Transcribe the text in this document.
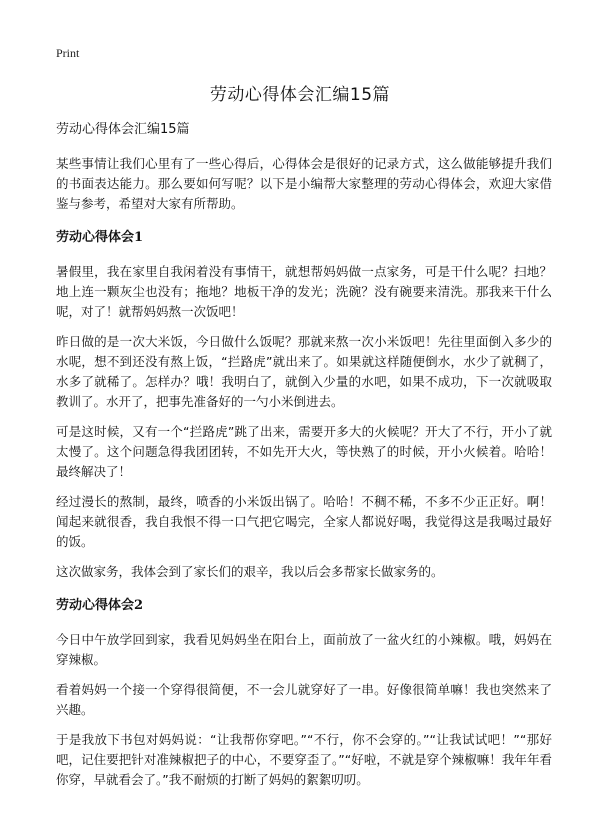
Print
劳动心得体会汇编15篇

劳动心得体会汇编15篇

某些事情让我们心里有了一些心得后，心得体会是很好的记录方式，这么做能够提升我们的书面表达能力。那么要如何写呢？以下是小编帮大家整理的劳动心得体会，欢迎大家借鉴与参考，希望对大家有所帮助。

劳动心得体会1

暑假里，我在家里自我闲着没有事情干，就想帮妈妈做一点家务，可是干什么呢？扫地？地上连一颗灰尘也没有；拖地？地板干净的发光；洗碗？没有碗要来清洗。那我来干什么呢，对了！就帮妈妈熬一次饭吧！

昨日做的是一次大米饭，今日做什么饭呢？那就来熬一次小米饭吧！先往里面倒入多少的水呢，想不到还没有熬上饭，“拦路虎”就出来了。如果就这样随便倒水，水少了就稠了，水多了就稀了。怎样办？哦！我明白了，就倒入少量的水吧，如果不成功，下一次就吸取教训了。水开了，把事先准备好的一勺小米倒进去。

可是这时候，又有一个“拦路虎”跳了出来，需要开多大的火候呢？开大了不行，开小了就太慢了。这个问题急得我团团转，不如先开大火，等快熟了的时候，开小火候着。哈哈！最终解决了！

经过漫长的熬制，最终，喷香的小米饭出锅了。哈哈！不稠不稀，不多不少正正好。啊！闻起来就很香，我自我恨不得一口气把它喝完，全家人都说好喝，我觉得这是我喝过最好的饭。

这次做家务，我体会到了家长们的艰辛，我以后会多帮家长做家务的。

劳动心得体会2

今日中午放学回到家，我看见妈妈坐在阳台上，面前放了一盆火红的小辣椒。哦，妈妈在穿辣椒。

看着妈妈一个接一个穿得很简便，不一会儿就穿好了一串。好像很简单嘛！我也突然来了兴趣。

于是我放下书包对妈妈说：“让我帮你穿吧。”“不行，你不会穿的。”“让我试试吧！”“那好吧，记住要把针对准辣椒把子的中心，不要穿歪了。”“好啦，不就是穿个辣椒嘛！我年年看你穿，早就看会了。”我不耐烦的打断了妈妈的絮絮叨叨。
